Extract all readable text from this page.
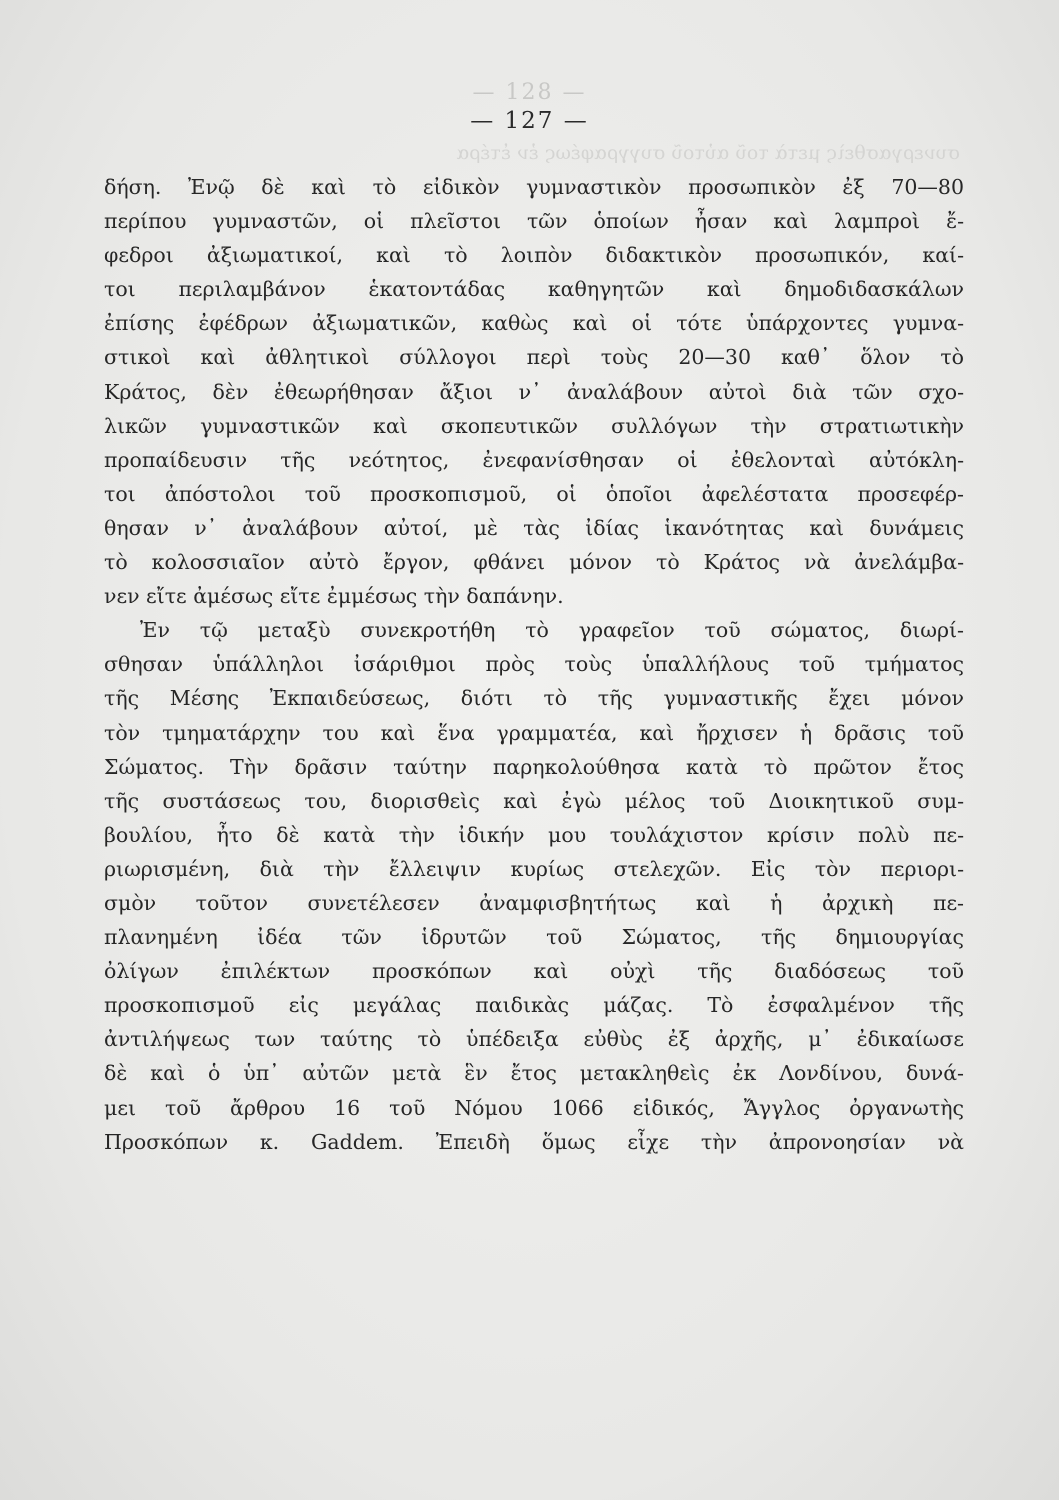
— 128 —
συνεργασθεὶς μετὰ τοῦ αὐτοῦ συγγραφέως ἐν ἑτέρα
— 127 —
δήση. Ἐνῷ δὲ καὶ τὸ εἰδικὸν γυμναστικὸν προσωπικὸν ἐξ 70—80
περίπου γυμναστῶν, οἱ πλεῖστοι τῶν ὁποίων ἦσαν καὶ λαμπροὶ ἔ-
φεδροι ἀξιωματικοί, καὶ τὸ λοιπὸν διδακτικὸν προσωπικόν, καί-
τοι περιλαμβάνον ἑκατοντάδας καθηγητῶν καὶ δημοδιδασκάλων
ἐπίσης ἐφέδρων ἀξιωματικῶν, καθὼς καὶ οἱ τότε ὑπάρχοντες γυμνα-
στικοὶ καὶ ἀθλητικοὶ σύλλογοι περὶ τοὺς 20—30 καθ᾿ ὅλον τὸ
Κράτος, δὲν ἐθεωρήθησαν ἄξιοι ν᾿ ἀναλάβουν αὐτοὶ διὰ τῶν σχο-
λικῶν γυμναστικῶν καὶ σκοπευτικῶν συλλόγων τὴν στρατιωτικὴν
προπαίδευσιν τῆς νεότητος, ἐνεφανίσθησαν οἱ ἐθελονταὶ αὐτόκλη-
τοι ἀπόστολοι τοῦ προσκοπισμοῦ, οἱ ὁποῖοι ἀφελέστατα προσεφέρ-
θησαν ν᾿ ἀναλάβουν αὐτοί, μὲ τὰς ἰδίας ἱκανότητας καὶ δυνάμεις
τὸ κολοσσιαῖον αὐτὸ ἔργον, φθάνει μόνον τὸ Κράτος νὰ ἀνελάμβα-
νεν εἴτε ἀμέσως εἴτε ἐμμέσως τὴν δαπάνην.
Ἐν τῷ μεταξὺ συνεκροτήθη τὸ γραφεῖον τοῦ σώματος, διωρί-
σθησαν ὑπάλληλοι ἰσάριθμοι πρὸς τοὺς ὑπαλλήλους τοῦ τμήματος
τῆς Μέσης Ἐκπαιδεύσεως, διότι τὸ τῆς γυμναστικῆς ἔχει μόνον
τὸν τμηματάρχην του καὶ ἕνα γραμματέα, καὶ ἤρχισεν ἡ δρᾶσις τοῦ
Σώματος. Τὴν δρᾶσιν ταύτην παρηκολούθησα κατὰ τὸ πρῶτον ἔτος
τῆς συστάσεως του, διορισθεὶς καὶ ἐγὼ μέλος τοῦ Διοικητικοῦ συμ-
βουλίου, ἦτο δὲ κατὰ τὴν ἰδικήν μου τουλάχιστον κρίσιν πολὺ πε-
ριωρισμένη, διὰ τὴν ἔλλειψιν κυρίως στελεχῶν. Εἰς τὸν περιορι-
σμὸν τοῦτον συνετέλεσεν ἀναμφισβητήτως καὶ ἡ ἀρχικὴ πε-
πλανημένη ἰδέα τῶν ἱδρυτῶν τοῦ Σώματος, τῆς δημιουργίας
ὀλίγων ἐπιλέκτων προσκόπων καὶ οὐχὶ τῆς διαδόσεως τοῦ
προσκοπισμοῦ εἰς μεγάλας παιδικὰς μάζας. Τὸ ἐσφαλμένον τῆς
ἀντιλήψεως των ταύτης τὸ ὑπέδειξα εὐθὺς ἐξ ἀρχῆς, μ᾿ ἐδικαίωσε
δὲ καὶ ὁ ὑπ᾿ αὐτῶν μετὰ ἓν ἔτος μετακληθεὶς ἐκ Λονδίνου, δυνά-
μει τοῦ ἄρθρου 16 τοῦ Νόμου 1066 εἰδικός, Ἄγγλος ὀργανωτὴς
Προσκόπων κ. Gaddem. Ἐπειδὴ ὅμως εἶχε τὴν ἀπρονοησίαν νὰ
